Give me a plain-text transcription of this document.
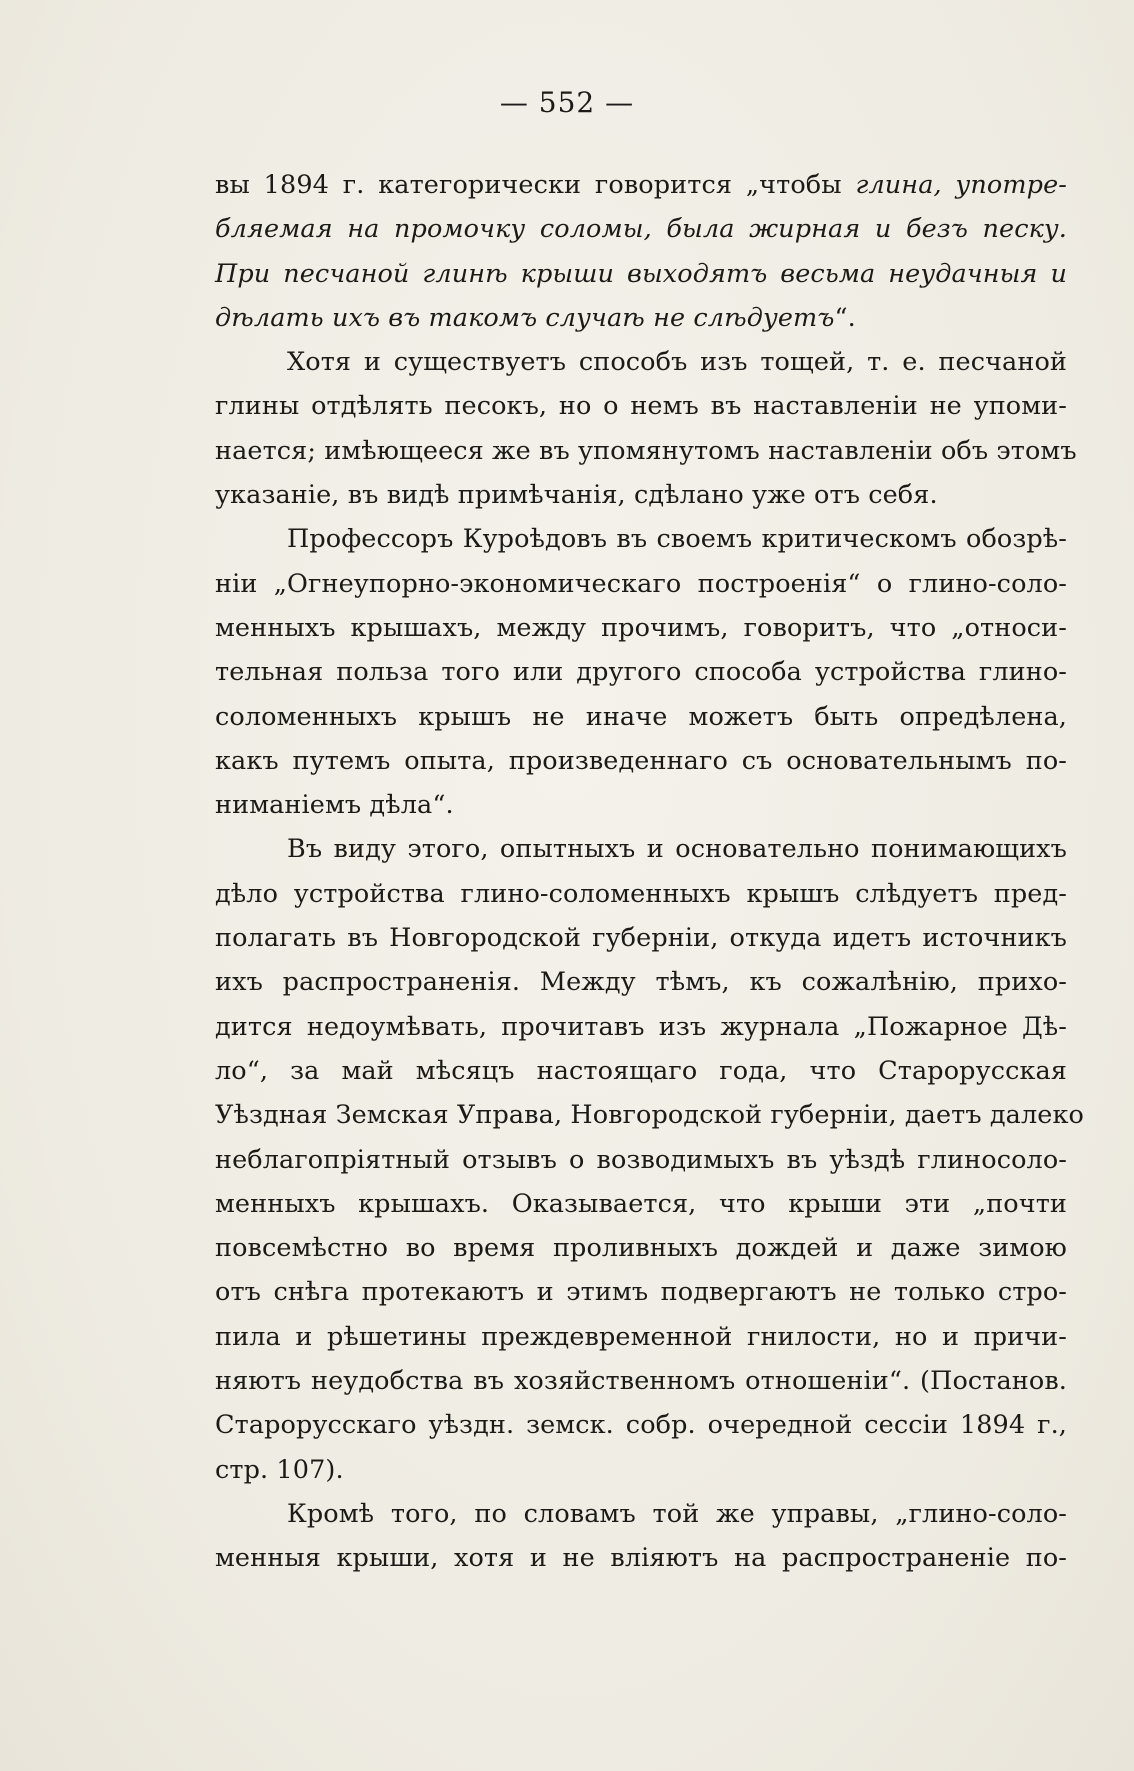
— 552 —
вы 1894 г. категорически говорится „чтобы глина, употре-
бляемая на промочку соломы, была жирная и безъ песку.
При песчаной глинѣ крыши выходятъ весьма неудачныя и
дѣлать ихъ въ такомъ случаѣ не слѣдуетъ“.
Хотя и существуетъ способъ изъ тощей, т. е. песчаной
глины отдѣлять песокъ, но о немъ въ наставленіи не упоми-
нается; имѣющееся же въ упомянутомъ наставленіи объ этомъ
указаніе, въ видѣ примѣчанія, сдѣлано уже отъ себя.
Профессоръ Куроѣдовъ въ своемъ критическомъ обозрѣ-
ніи „Огнеупорно-экономическаго построенія“ о глино-соло-
менныхъ крышахъ, между прочимъ, говоритъ, что „относи-
тельная польза того или другого способа устройства глино-
соломенныхъ крышъ не иначе можетъ быть опредѣлена,
какъ путемъ опыта, произведеннаго съ основательнымъ по-
ниманіемъ дѣла“.
Въ виду этого, опытныхъ и основательно понимающихъ
дѣло устройства глино-соломенныхъ крышъ слѣдуетъ пред-
полагать въ Новгородской губерніи, откуда идетъ источникъ
ихъ распространенія. Между тѣмъ, къ сожалѣнію, прихо-
дится недоумѣвать, прочитавъ изъ журнала „Пожарное Дѣ-
ло“, за май мѣсяцъ настоящаго года, что Старорусская
Уѣздная Земская Управа, Новгородской губерніи, даетъ далеко
неблагопріятный отзывъ о возводимыхъ въ уѣздѣ глиносоло-
менныхъ крышахъ. Оказывается, что крыши эти „почти
повсемѣстно во время проливныхъ дождей и даже зимою
отъ снѣга протекаютъ и этимъ подвергаютъ не только стро-
пила и рѣшетины преждевременной гнилости, но и причи-
няютъ неудобства въ хозяйственномъ отношеніи“. (Постанов.
Старорусскаго уѣздн. земск. собр. очередной сессіи 1894 г.,
стр. 107).
Кромѣ того, по словамъ той же управы, „глино-соло-
менныя крыши, хотя и не вліяютъ на распространеніе по-
